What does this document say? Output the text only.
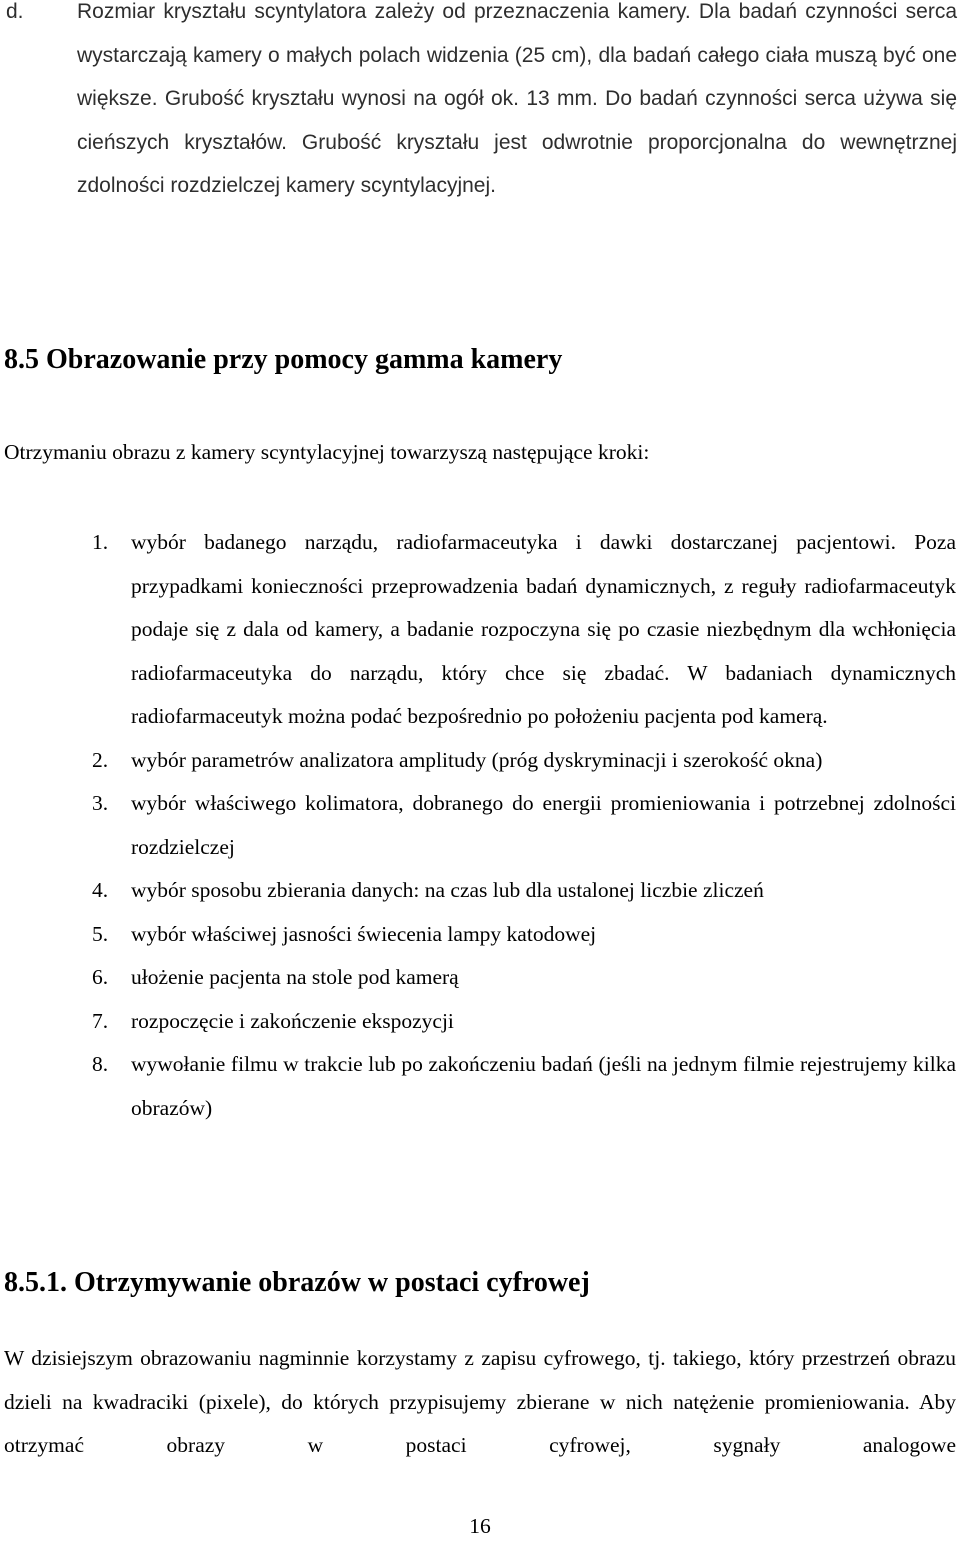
d.	Rozmiar kryształu scyntylatora zależy od przeznaczenia kamery. Dla badań czynności serca wystarczają kamery o małych polach widzenia (25 cm), dla badań całego ciała muszą być one większe. Grubość kryształu wynosi na ogół ok. 13 mm. Do badań czynności serca używa się cieńszych kryształów. Grubość kryształu jest odwrotnie proporcjonalna do wewnętrznej zdolności rozdzielczej kamery scyntylacyjnej.

8.5 Obrazowanie przy pomocy gamma kamery

Otrzymaniu obrazu z kamery scyntylacyjnej towarzyszą następujące kroki:

1. wybór badanego narządu, radiofarmaceutyka i dawki dostarczanej pacjentowi. Poza przypadkami konieczności przeprowadzenia badań dynamicznych, z reguły radiofarmaceutyk podaje się z dala od kamery, a badanie rozpoczyna się po czasie niezbędnym dla wchłonięcia radiofarmaceutyka do narządu, który chce się zbadać. W badaniach dynamicznych radiofarmaceutyk można podać bezpośrednio po położeniu pacjenta pod kamerą.
2. wybór parametrów analizatora amplitudy (próg dyskryminacji i szerokość okna)
3. wybór właściwego kolimatora, dobranego do energii promieniowania i potrzebnej zdolności rozdzielczej
4. wybór sposobu zbierania danych: na czas lub dla ustalonej liczbie zliczeń
5. wybór właściwej jasności świecenia lampy katodowej
6. ułożenie pacjenta na stole pod kamerą
7. rozpoczęcie i zakończenie ekspozycji
8. wywołanie filmu w trakcie lub po zakończeniu badań (jeśli na jednym filmie rejestrujemy kilka obrazów)
8.5.1. Otrzymywanie obrazów w postaci cyfrowej

W dzisiejszym obrazowaniu nagminnie korzystamy z zapisu cyfrowego, tj. takiego, który przestrzeń obrazu dzieli na kwadraciki (pixele), do których przypisujemy zbierane w nich natężenie promieniowania. Aby otrzymać obrazy w postaci cyfrowej, sygnały analogowe

16
